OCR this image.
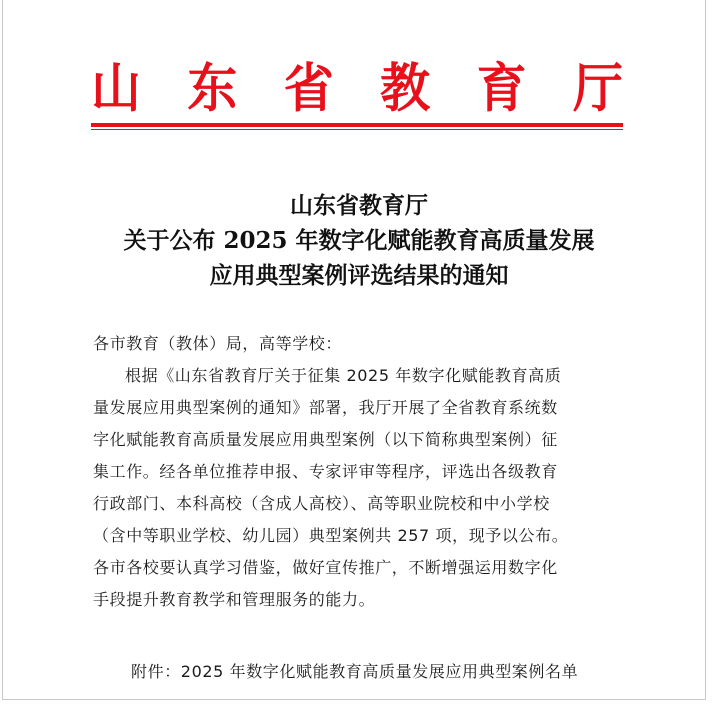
山 东 省 教 育 厅
山东省教育厅
关于公布 2025 年数字化赋能教育高质量发展
应用典型案例评选结果的通知
各市教育（教体）局，高等学校：
根据《山东省教育厅关于征集 2025 年数字化赋能教育高质
量发展应用典型案例的通知》部署，我厅开展了全省教育系统数
字化赋能教育高质量发展应用典型案例（以下简称典型案例）征
集工作。经各单位推荐申报、专家评审等程序，评选出各级教育
行政部门、本科高校（含成人高校）、高等职业院校和中小学校
（含中等职业学校、幼儿园）典型案例共 257 项，现予以公布。
各市各校要认真学习借鉴，做好宣传推广，不断增强运用数字化
手段提升教育教学和管理服务的能力。
附件：2025 年数字化赋能教育高质量发展应用典型案例名单
